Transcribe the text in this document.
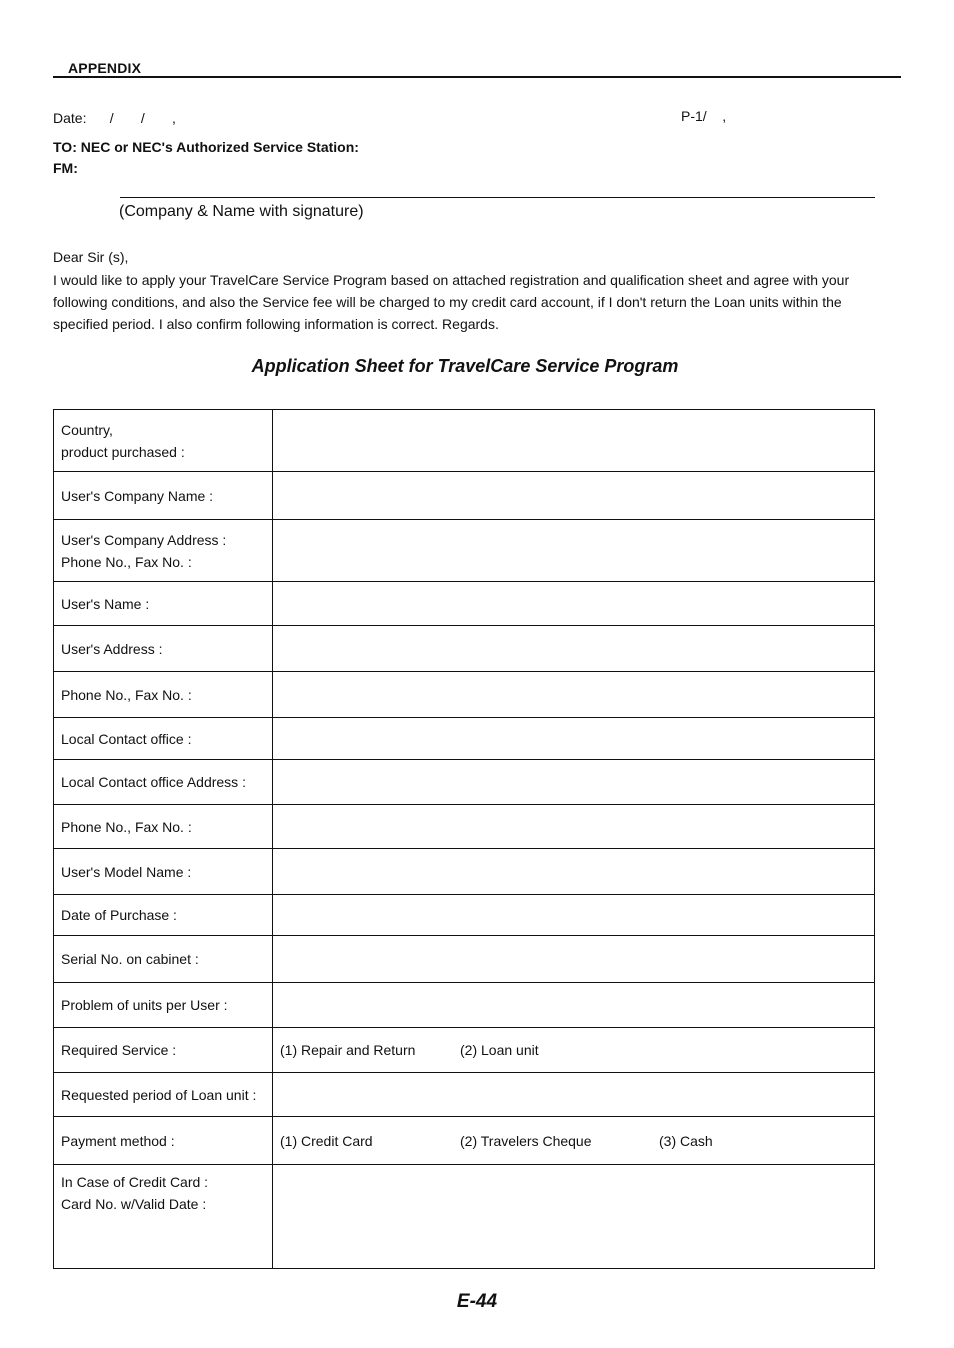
APPENDIX
Date:      /       /       ,	P-1/    ,
TO: NEC or NEC's Authorized Service Station:
FM:
(Company & Name with signature)
Dear Sir (s),
I would like to apply your TravelCare Service Program based on attached registration and qualification sheet and agree with your following conditions, and also the Service fee will be charged to my credit card account, if I don't return the Loan units within the specified period. I also confirm following information is correct. Regards.
Application Sheet for TravelCare Service Program
Country,
product purchased :	

User's Company Name :	

User's Company Address :
Phone No., Fax No. :	

User's Name :	
User's Address :	
Phone No., Fax No. :	
Local Contact office :	
Local Contact office Address :	
Phone No., Fax No. :	
User's Model Name :	
Date of Purchase :	
Serial No. on cabinet :	
Problem of units per User :	
Required Service :	(1) Repair and Return (2) Loan unit
Requested period of Loan unit :	
Payment method :	(1) Credit Card (2) Travelers Cheque (3) Cash

In Case of Credit Card :
Card No. w/Valid Date :	

E-44
